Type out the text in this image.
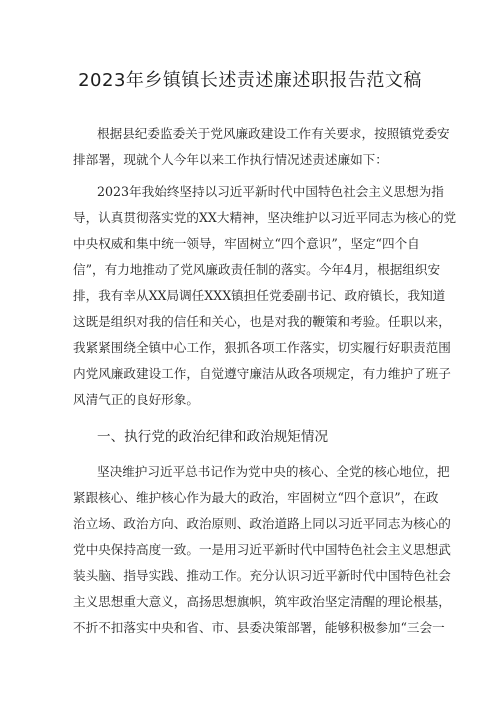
2023年乡镇镇长述责述廉述职报告范文稿
根据县纪委监委关于党风廉政建设工作有关要求，按照镇党委安
排部署，现就个人今年以来工作执行情况述责述廉如下：
2023年我始终坚持以习近平新时代中国特色社会主义思想为指
导，认真贯彻落实党的XX大精神，坚决维护以习近平同志为核心的党
中央权威和集中统一领导，牢固树立“四个意识”，坚定“四个自
信”，有力地推动了党风廉政责任制的落实。今年4月，根据组织安
排，我有幸从XX局调任XXX镇担任党委副书记、政府镇长，我知道
这既是组织对我的信任和关心，也是对我的鞭策和考验。任职以来，
我紧紧围绕全镇中心工作，狠抓各项工作落实，切实履行好职责范围
内党风廉政建设工作，自觉遵守廉洁从政各项规定，有力维护了班子
风清气正的良好形象。
一、执行党的政治纪律和政治规矩情况
坚决维护习近平总书记作为党中央的核心、全党的核心地位，把
紧跟核心、维护核心作为最大的政治，牢固树立“四个意识”，在政
治立场、政治方向、政治原则、政治道路上同以习近平同志为核心的
党中央保持高度一致。一是用习近平新时代中国特色社会主义思想武
装头脑、指导实践、推动工作。充分认识习近平新时代中国特色社会
主义思想重大意义，高扬思想旗帜，筑牢政治坚定清醒的理论根基，
不折不扣落实中央和省、市、县委决策部署，能够积极参加“三会一
